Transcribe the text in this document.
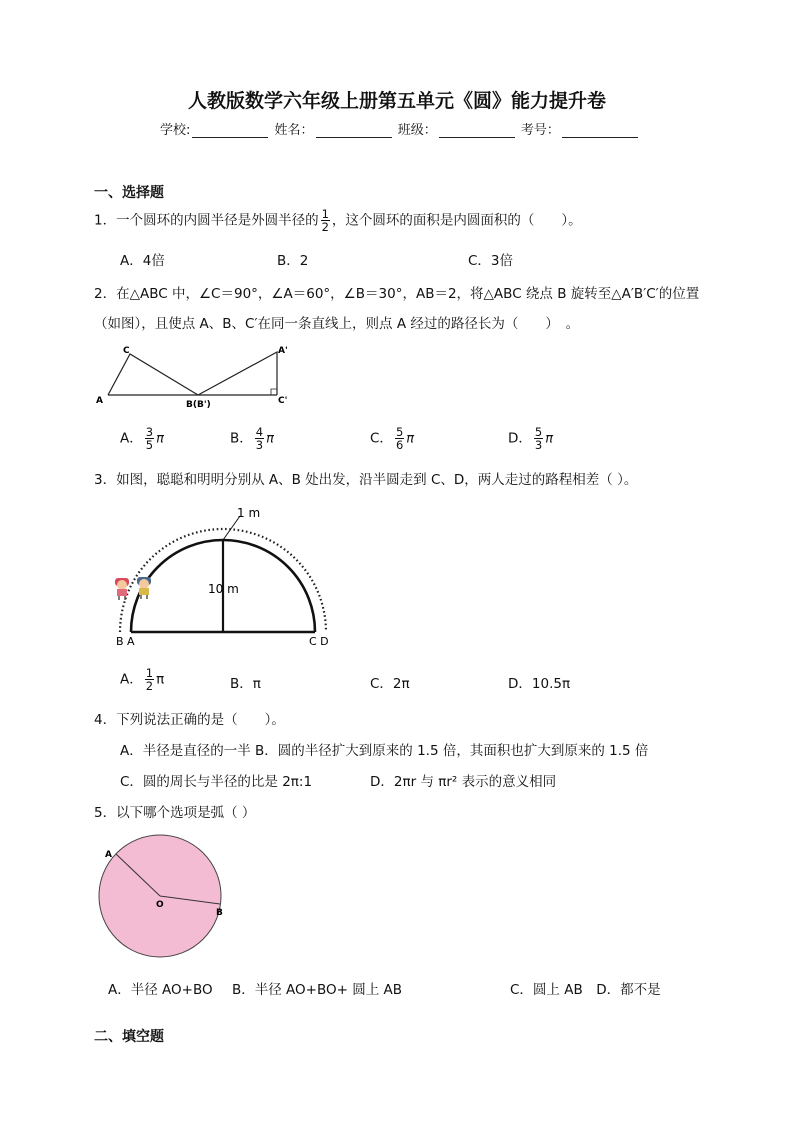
人教版数学六年级上册第五单元《圆》能力提升卷
学校:	姓名：	班级：	考号：
一、选择题
1．一个圆环的内圆半径是外圆半径的 $\frac{1}{2}$ ，这个圆环的面积是内圆面积的（　　）。
A．4倍	B．2	C．3倍
2．在△ABC 中，∠C＝90°，∠A＝60°，∠B＝30°，AB＝2，将△ABC 绕点 B 旋转至△A′B′C′的位置
（如图），且使点 A、B、C′在同一条直线上，则点 A 经过的路径长为（　　）　。
C
A	B(B')
A'
C'
A． $\frac{3}{5}$ π	B． $\frac{4}{3}$ π	C． $\frac{5}{6}$ π	D． $\frac{5}{3}$ π
3．如图，聪聪和明明分别从 A、B 处出发，沿半圆走到 C、D，两人走过的路程相差（ ）。
1 m
10 m
B A	C D
A． $\frac{1}{2}$ π	B．π	C．2π	D．10.5π
4．下列说法正确的是（　　）。
A．半径是直径的一半 B．圆的半径扩大到原来的 1.5 倍，其面积也扩大到原来的 1.5 倍
C．圆的周长与半径的比是 2π:1	D．2πr 与 πr² 表示的意义相同
5．以下哪个选项是弧（ ）
A
O
B
A．半径 AO+BO B．半径 AO+BO+ 圆上 AB	C．圆上 AB　D．都不是
二、填空题
